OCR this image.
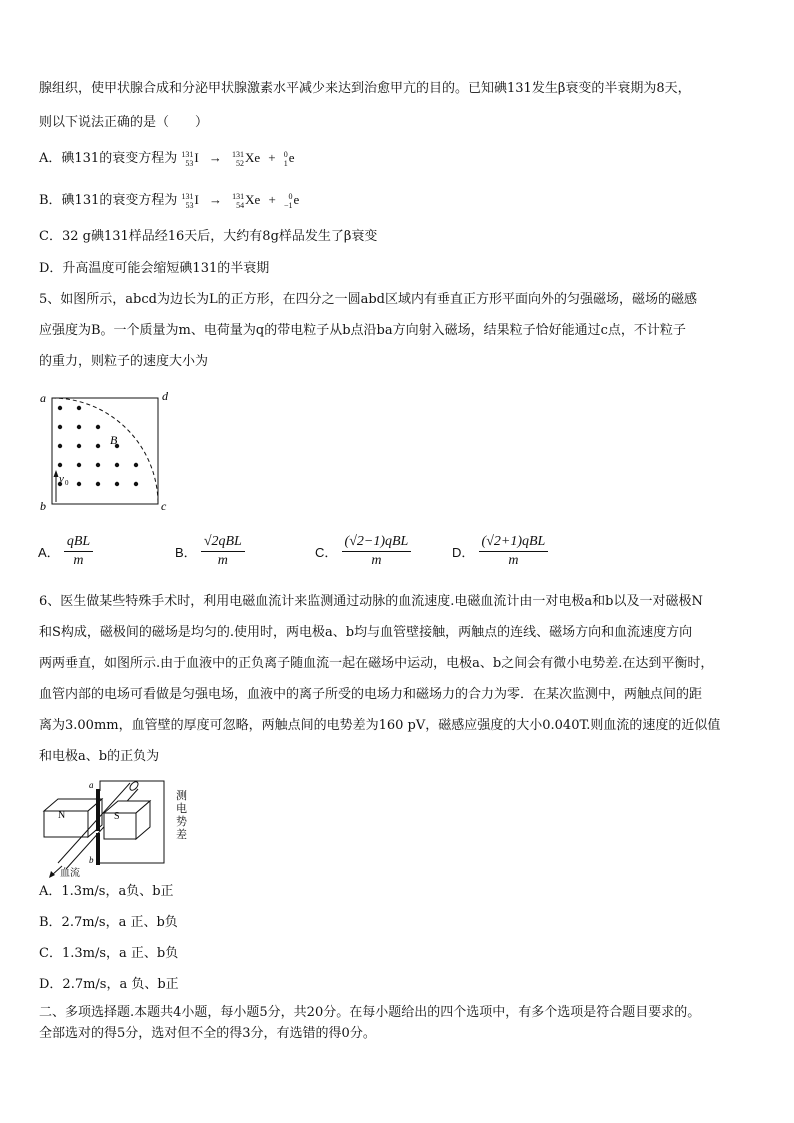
腺组织，使甲状腺合成和分泌甲状腺激素水平减少来达到治愈甲亢的目的。已知碘131发生β衰变的半衰期为8天，
则以下说法正确的是（　　）
A．碘131的衰变方程为 131
53 I → 131
52 Xe + 0
1 e
B．碘131的衰变方程为 131
53 I → 131
54 Xe +	0
−1 e
C．32 g碘131样品经16天后，大约有8g样品发生了β衰变
D．升高温度可能会缩短碘131的半衰期
5、如图所示，abcd为边长为L的正方形，在四分之一圆abd区域内有垂直正方形平面向外的匀强磁场，磁场的磁感
应强度为B。一个质量为m、电荷量为q的带电粒子从b点沿ba方向射入磁场，结果粒子恰好能通过c点，不计粒子
的重力，则粒子的速度大小为
a	d
b	c
B
v 0
A． $\frac{\text{qBL}}{m}$	B． $\frac{\text{√2qBL}}{m}$	C． $\frac{\text{(√2−1)qBL}}{m}$	D． $\frac{\text{(√2+1)qBL}}{m}$
6、医生做某些特殊手术时，利用电磁血流计来监测通过动脉的血流速度.电磁血流计由一对电极a和b以及一对磁极N
和S构成，磁极间的磁场是均匀的.使用时，两电极a、b均与血管壁接触，两触点的连线、磁场方向和血流速度方向
两两垂直，如图所示.由于血液中的正负离子随血流一起在磁场中运动，电极a、b之间会有微小电势差.在达到平衡时，
血管内部的电场可看做是匀强电场，血液中的离子所受的电场力和磁场力的合力为零．在某次监测中，两触点间的距
离为3.00mm，血管壁的厚度可忽略，两触点间的电势差为160 pV，磁感应强度的大小0.040T.则血流的速度的近似值
和电极a、b的正负为
N
a
b
S
测
电
势
差
血流
A．1.3m/s，a负、b正
B．2.7m/s，a 正、b负
C．1.3m/s，a 正、b负
D．2.7m/s，a 负、b正
二、多项选择题.本题共4小题，每小题5分，共20分。在每小题给出的四个选项中，有多个选项是符合题目要求的。
全部选对的得5分，选对但不全的得3分，有选错的得0分。
